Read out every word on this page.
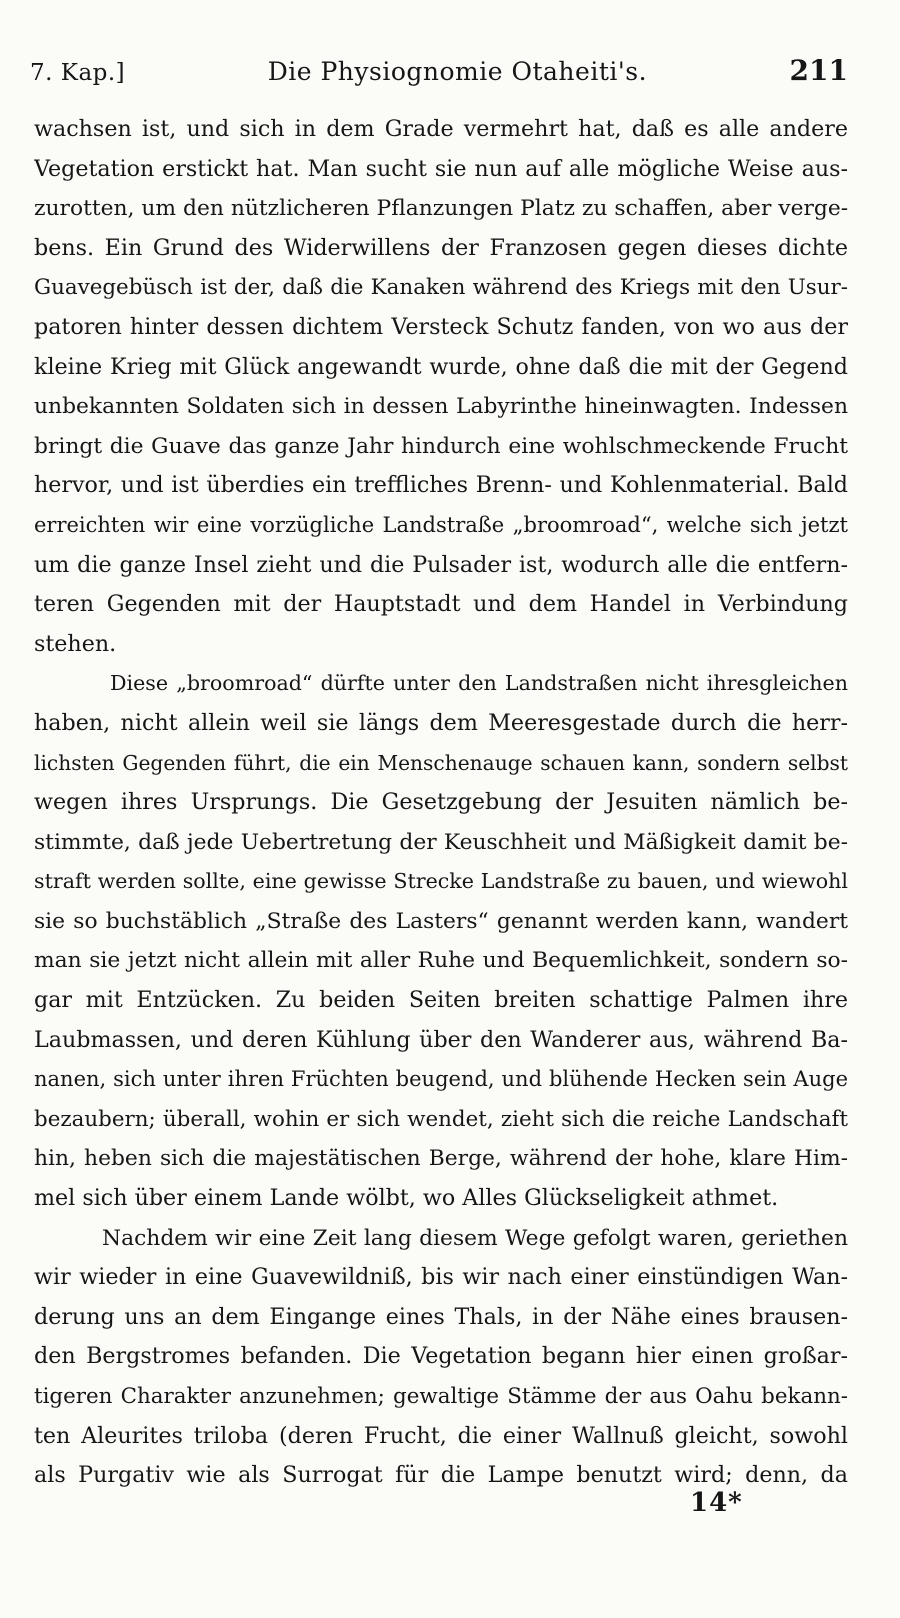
7. Kap.]	Die Physiognomie Otaheiti's.	211
wachsen ist, und sich in dem Grade vermehrt hat, daß es alle andere
Vegetation erstickt hat. Man sucht sie nun auf alle mögliche Weise aus-
zurotten, um den nützlicheren Pflanzungen Platz zu schaffen, aber verge-
bens. Ein Grund des Widerwillens der Franzosen gegen dieses dichte
Guavegebüsch ist der, daß die Kanaken während des Kriegs mit den Usur-
patoren hinter dessen dichtem Versteck Schutz fanden, von wo aus der
kleine Krieg mit Glück angewandt wurde, ohne daß die mit der Gegend
unbekannten Soldaten sich in dessen Labyrinthe hineinwagten. Indessen
bringt die Guave das ganze Jahr hindurch eine wohlschmeckende Frucht
hervor, und ist überdies ein treffliches Brenn- und Kohlenmaterial. Bald
erreichten wir eine vorzügliche Landstraße „broomroad“, welche sich jetzt
um die ganze Insel zieht und die Pulsader ist, wodurch alle die entfern-
teren Gegenden mit der Hauptstadt und dem Handel in Verbindung
stehen.
Diese „broomroad“ dürfte unter den Landstraßen nicht ihresgleichen
haben, nicht allein weil sie längs dem Meeresgestade durch die herr-
lichsten Gegenden führt, die ein Menschenauge schauen kann, sondern selbst
wegen ihres Ursprungs. Die Gesetzgebung der Jesuiten nämlich be-
stimmte, daß jede Uebertretung der Keuschheit und Mäßigkeit damit be-
straft werden sollte, eine gewisse Strecke Landstraße zu bauen, und wiewohl
sie so buchstäblich „Straße des Lasters“ genannt werden kann, wandert
man sie jetzt nicht allein mit aller Ruhe und Bequemlichkeit, sondern so-
gar mit Entzücken. Zu beiden Seiten breiten schattige Palmen ihre
Laubmassen, und deren Kühlung über den Wanderer aus, während Ba-
nanen, sich unter ihren Früchten beugend, und blühende Hecken sein Auge
bezaubern; überall, wohin er sich wendet, zieht sich die reiche Landschaft
hin, heben sich die majestätischen Berge, während der hohe, klare Him-
mel sich über einem Lande wölbt, wo Alles Glückseligkeit athmet.
Nachdem wir eine Zeit lang diesem Wege gefolgt waren, geriethen
wir wieder in eine Guavewildniß, bis wir nach einer einstündigen Wan-
derung uns an dem Eingange eines Thals, in der Nähe eines brausen-
den Bergstromes befanden. Die Vegetation begann hier einen großar-
tigeren Charakter anzunehmen; gewaltige Stämme der aus Oahu bekann-
ten Aleurites triloba (deren Frucht, die einer Wallnuß gleicht, sowohl
als Purgativ wie als Surrogat für die Lampe benutzt wird; denn, da
14*
